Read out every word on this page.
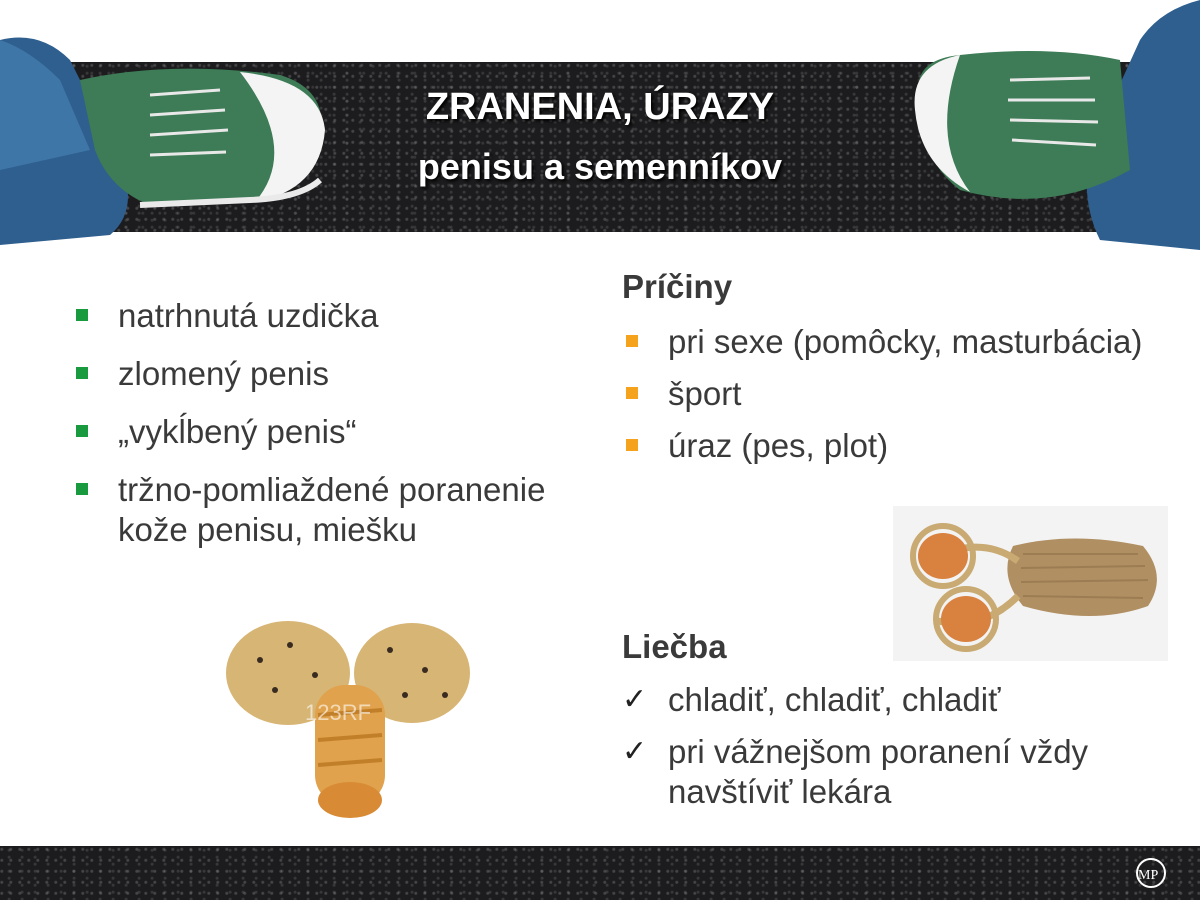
ZRANENIA, ÚRAZY
penisu a semenníkov
natrhnutá uzdička
zlomený penis
„vykĺbený penis“
tržno-pomliaždené poranenie kože penisu, miešku
Príčiny
pri sexe (pomôcky, masturbácia)
šport
úraz (pes, plot)
Liečba
✓ chladiť, chladiť, chladiť
✓ pri vážnejšom poranení vždy navštíviť lekára
123RF
MP
